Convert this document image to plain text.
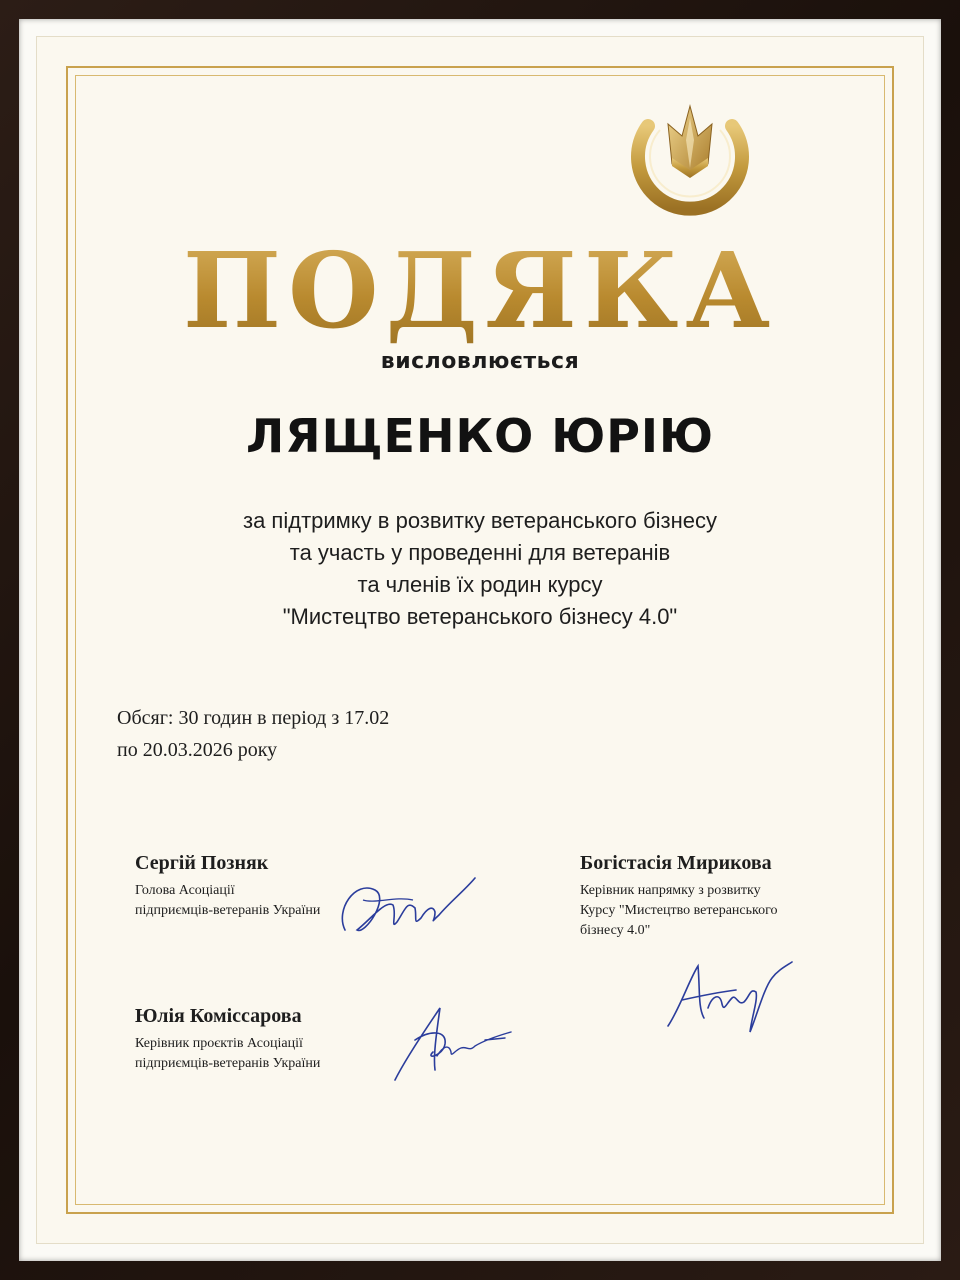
ПОДЯКА
висловлюється
ЛЯЩЕНКО ЮРІЮ
за підтримку в розвитку ветеранського бізнесу
та участь у проведенні для ветеранів
та членів їх родин курсу
"Мистецтво ветеранського бізнесу 4.0"
Обсяг: 30 годин в період з 17.02
по 20.03.2026 року
Сергій Позняк
Голова Асоціації
підприємців-ветеранів України
Богістасія Мирикова
Керівник напрямку з розвитку
Курсу "Мистецтво ветеранського
бізнесу 4.0"
Юлія Коміссарова
Керівник проєктів Асоціації
підприємців-ветеранів України
